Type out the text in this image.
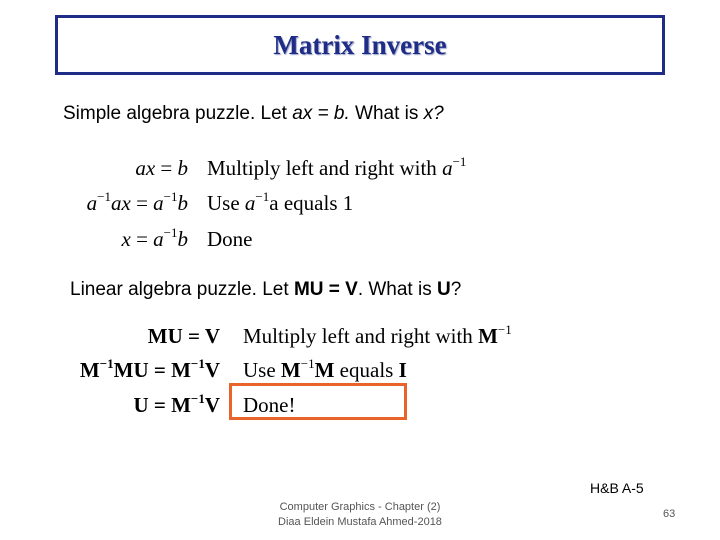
Matrix Inverse
Simple algebra puzzle. Let ax = b. What is x?
ax = b
$a^{-1}ax = a^{-1}b$
$x = a^{-1}b$
Multiply left and right with $a^{-1}$
Use $a^{-1}a$ equals 1
Done
Linear algebra puzzle. Let MU = V. What is U?
MU = V
$M^{-1}MU = M^{-1}V$
$U = M^{-1}V$
Multiply left and right with $M^{-1}$
Use $M^{-1}M$ equals I
Done!
H&B A-5
Computer Graphics - Chapter (2)
Diaa Eldein Mustafa Ahmed-2018
63
